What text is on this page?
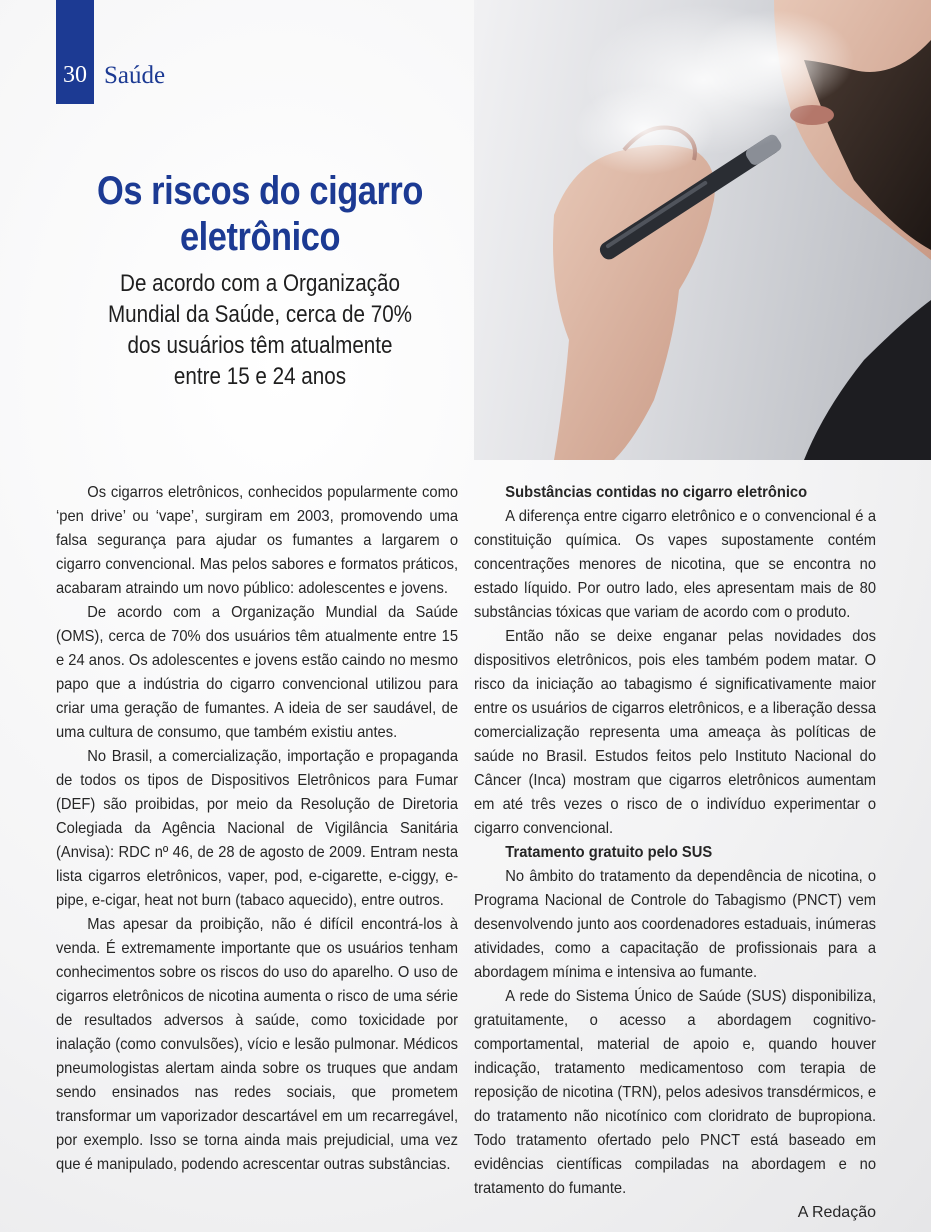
30 Saúde
Os riscos do cigarro eletrônico
De acordo com a Organização Mundial da Saúde, cerca de 70% dos usuários têm atualmente entre 15 e 24 anos

Os cigarros eletrônicos, conhecidos popularmente como ‘pen drive’ ou ‘vape’, surgiram em 2003, promovendo uma falsa segurança para ajudar os fumantes a largarem o cigarro convencional. Mas pelos sabores e formatos práticos, acabaram atraindo um novo público: adolescentes e jovens.

De acordo com a Organização Mundial da Saúde (OMS), cerca de 70% dos usuários têm atualmente entre 15 e 24 anos. Os adolescentes e jovens estão caindo no mesmo papo que a indústria do cigarro convencional utilizou para criar uma geração de fumantes. A ideia de ser saudável, de uma cultura de consumo, que também existiu antes.

No Brasil, a comercialização, importação e propaganda de todos os tipos de Dispositivos Eletrônicos para Fumar (DEF) são proibidas, por meio da Resolução de Diretoria Colegiada da Agência Nacional de Vigilância Sanitária (Anvisa): RDC nº 46, de 28 de agosto de 2009. Entram nesta lista cigarros eletrônicos, vaper, pod, e-cigarette, e-ciggy, e-pipe, e-cigar, heat not burn (tabaco aquecido), entre outros.

Mas apesar da proibição, não é difícil encontrá-los à venda. É extremamente importante que os usuários tenham conhecimentos sobre os riscos do uso do aparelho. O uso de cigarros eletrônicos de nicotina aumenta o risco de uma série de resultados adversos à saúde, como toxicidade por inalação (como convulsões), vício e lesão pulmonar. Médicos pneumologistas alertam ainda sobre os truques que andam sendo ensinados nas redes sociais, que prometem transformar um vaporizador descartável em um recarregável, por exemplo. Isso se torna ainda mais prejudicial, uma vez que é manipulado, podendo acrescentar outras substâncias.

Substâncias contidas no cigarro eletrônico

A diferença entre cigarro eletrônico e o convencional é a constituição química. Os vapes supostamente contém concentrações menores de nicotina, que se encontra no estado líquido. Por outro lado, eles apresentam mais de 80 substâncias tóxicas que variam de acordo com o produto.

Então não se deixe enganar pelas novidades dos dispositivos eletrônicos, pois eles também podem matar. O risco da iniciação ao tabagismo é significativamente maior entre os usuários de cigarros eletrônicos, e a liberação dessa comercialização representa uma ameaça às políticas de saúde no Brasil. Estudos feitos pelo Instituto Nacional do Câncer (Inca) mostram que cigarros eletrônicos aumentam em até três vezes o risco de o indivíduo experimentar o cigarro convencional.

Tratamento gratuito pelo SUS

No âmbito do tratamento da dependência de nicotina, o Programa Nacional de Controle do Tabagismo (PNCT) vem desenvolvendo junto aos coordenadores estaduais, inúmeras atividades, como a capacitação de profissionais para a abordagem mínima e intensiva ao fumante.

A rede do Sistema Único de Saúde (SUS) disponibiliza, gratuitamente, o acesso a abordagem cognitivo-comportamental, material de apoio e, quando houver indicação, tratamento medicamentoso com terapia de reposição de nicotina (TRN), pelos adesivos transdérmicos, e do tratamento não nicotínico com cloridrato de bupropiona. Todo tratamento ofertado pelo PNCT está baseado em evidências científicas compiladas na abordagem e no tratamento do fumante.

A Redação
